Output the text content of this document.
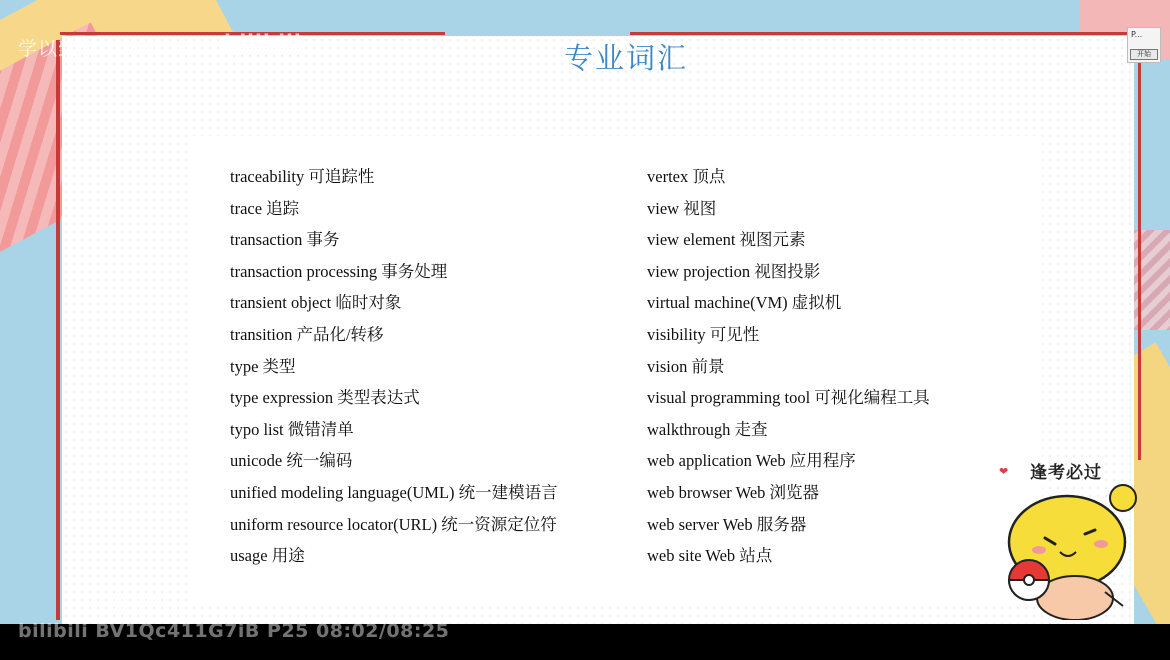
专业词汇
traceability 可追踪性
trace 追踪
transaction 事务
transaction processing 事务处理
transient object 临时对象
transition 产品化/转移
type 类型
type expression 类型表达式
typo list 微错清单
unicode 统一编码
unified modeling language(UML) 统一建模语言
uniform resource locator(URL) 统一资源定位符
usage 用途
vertex 顶点
view 视图
view element 视图元素
view projection 视图投影
virtual machine(VM) 虚拟机
visibility 可见性
vision 前景
visual programming tool 可视化编程工具
walkthrough 走查
web application Web 应用程序
web browser Web 浏览器
web server Web 服务器
web site Web 站点
学以致知Learning ting
bilibili	P...
开始
❤ 逢考必过
学以致知
bilibili BV1Qc411G7iB P25 08:02/08:25
